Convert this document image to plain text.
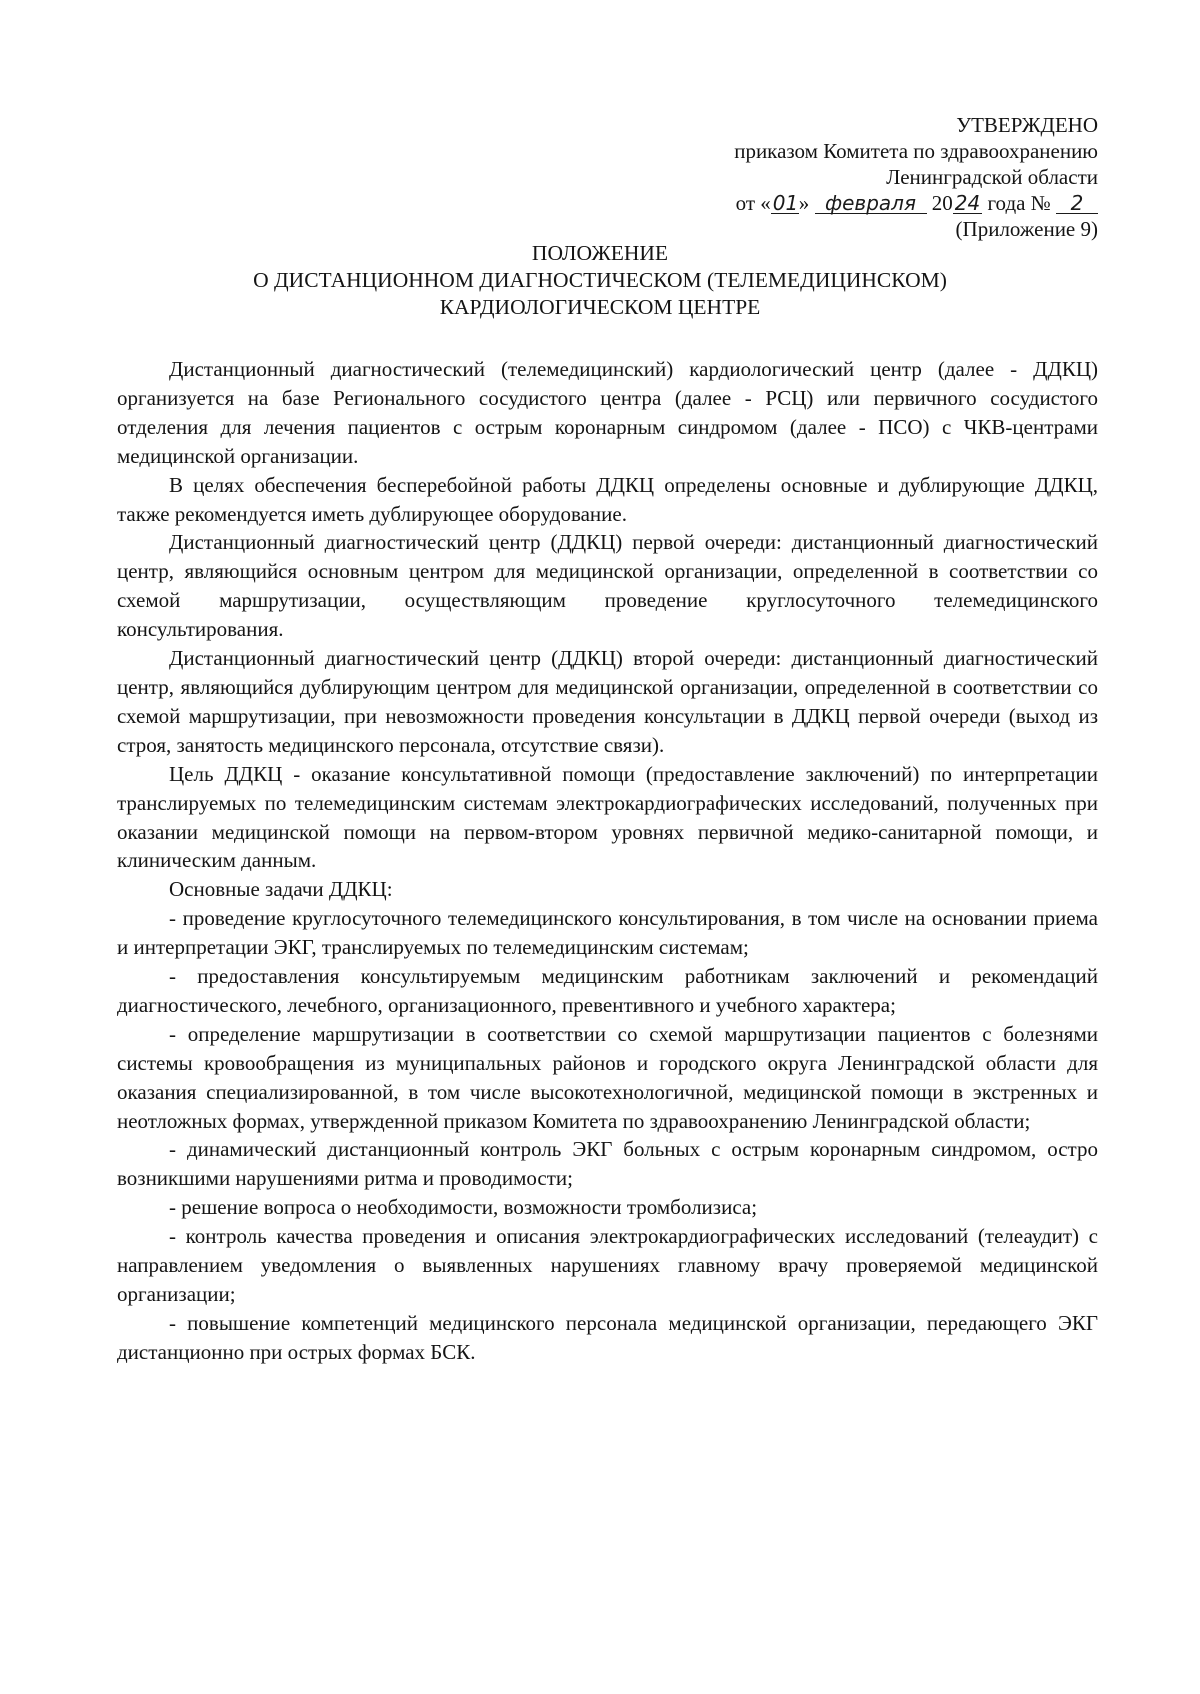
УТВЕРЖДЕНО
приказом Комитета по здравоохранению
Ленинградской области
от « 01» февраля 20 24 года № 2
(Приложение 9)
ПОЛОЖЕНИЕ
О ДИСТАНЦИОННОМ ДИАГНОСТИЧЕСКОМ (ТЕЛЕМЕДИЦИНСКОМ)
КАРДИОЛОГИЧЕСКОМ ЦЕНТРЕ

Дистанционный диагностический (телемедицинский) кардиологический центр (далее - ДДКЦ) организуется на базе Регионального сосудистого центра (далее - РСЦ) или первичного сосудистого отделения для лечения пациентов с острым коронарным синдромом (далее - ПСО) с ЧКВ-центрами медицинской организации.

В целях обеспечения бесперебойной работы ДДКЦ определены основные и дублирующие ДДКЦ, также рекомендуется иметь дублирующее оборудование.

Дистанционный диагностический центр (ДДКЦ) первой очереди: дистанционный диагностический центр, являющийся основным центром для медицинской организации, определенной в соответствии со схемой маршрутизации, осуществляющим проведение круглосуточного телемедицинского консультирования.

Дистанционный диагностический центр (ДДКЦ) второй очереди: дистанционный диагностический центр, являющийся дублирующим центром для медицинской организации, определенной в соответствии со схемой маршрутизации, при невозможности проведения консультации в ДДКЦ первой очереди (выход из строя, занятость медицинского персонала, отсутствие связи).

Цель ДДКЦ - оказание консультативной помощи (предоставление заключений) по интерпретации транслируемых по телемедицинским системам электрокардиографических исследований, полученных при оказании медицинской помощи на первом-втором уровнях первичной медико-санитарной помощи, и клиническим данным.

Основные задачи ДДКЦ:

- проведение круглосуточного телемедицинского консультирования, в том числе на основании приема и интерпретации ЭКГ, транслируемых по телемедицинским системам;

- предоставления консультируемым медицинским работникам заключений и рекомендаций диагностического, лечебного, организационного, превентивного и учебного характера;

- определение маршрутизации в соответствии со схемой маршрутизации пациентов с болезнями системы кровообращения из муниципальных районов и городского округа Ленинградской области для оказания специализированной, в том числе высокотехнологичной, медицинской помощи в экстренных и неотложных формах, утвержденной приказом Комитета по здравоохранению Ленинградской области;

- динамический дистанционный контроль ЭКГ больных с острым коронарным синдромом, остро возникшими нарушениями ритма и проводимости;

- решение вопроса о необходимости, возможности тромболизиса;

- контроль качества проведения и описания электрокардиографических исследований (телеаудит) с направлением уведомления о выявленных нарушениях главному врачу проверяемой медицинской организации;

- повышение компетенций медицинского персонала медицинской организации, передающего ЭКГ дистанционно при острых формах БСК.
